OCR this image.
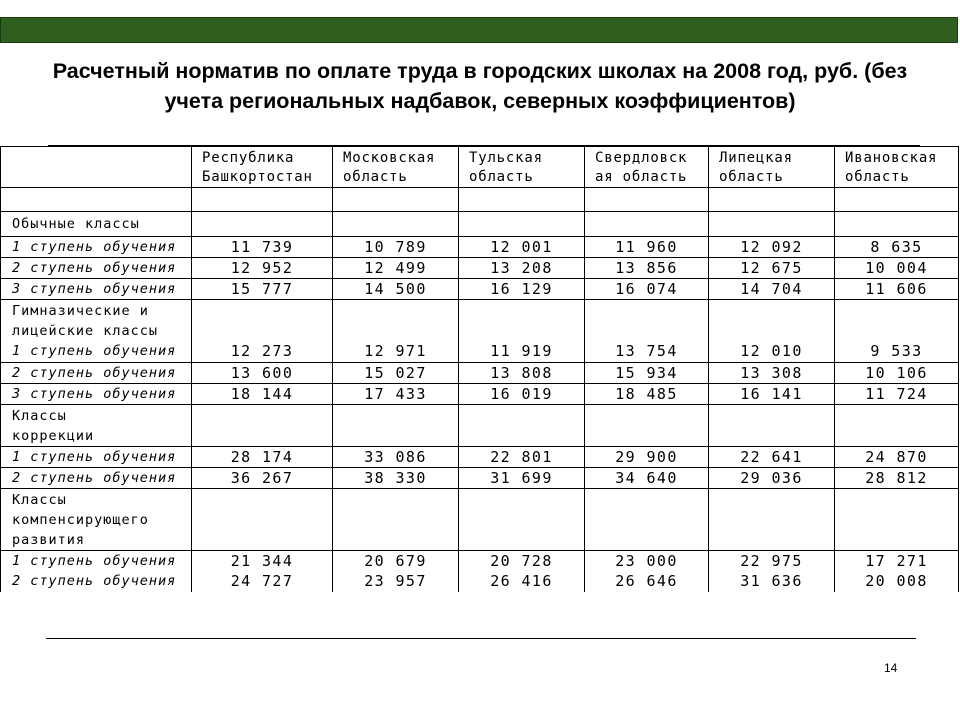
Расчетный норматив по оплате труда в городских школах на 2008 год, руб. (без учета региональных надбавок, северных коэффициентов)
	Республика Башкортостан	Московская область	Тульская область	Свердловск ая область	Липецкая область	Ивановская область

Обычные классы						
1 ступень обучения	11 739	10 789	12 001	11 960	12 092	8 635
2 ступень обучения	12 952	12 499	13 208	13 856	12 675	10 004
3 ступень обучения	15 777	14 500	16 129	16 074	14 704	11 606

Гимназические и
лицейские классы						

1 ступень обучения	12 273	12 971	11 919	13 754	12 010	9 533
2 ступень обучения	13 600	15 027	13 808	15 934	13 308	10 106
3 ступень обучения	18 144	17 433	16 019	18 485	16 141	11 724

Классы
коррекции						

1 ступень обучения	28 174	33 086	22 801	29 900	22 641	24 870
2 ступень обучения	36 267	38 330	31 699	34 640	29 036	28 812

Классы
компенсирующего
развития						

1 ступень обучения	21 344	20 679	20 728	23 000	22 975	17 271
2 ступень обучения	24 727	23 957	26 416	26 646	31 636	20 008
14
